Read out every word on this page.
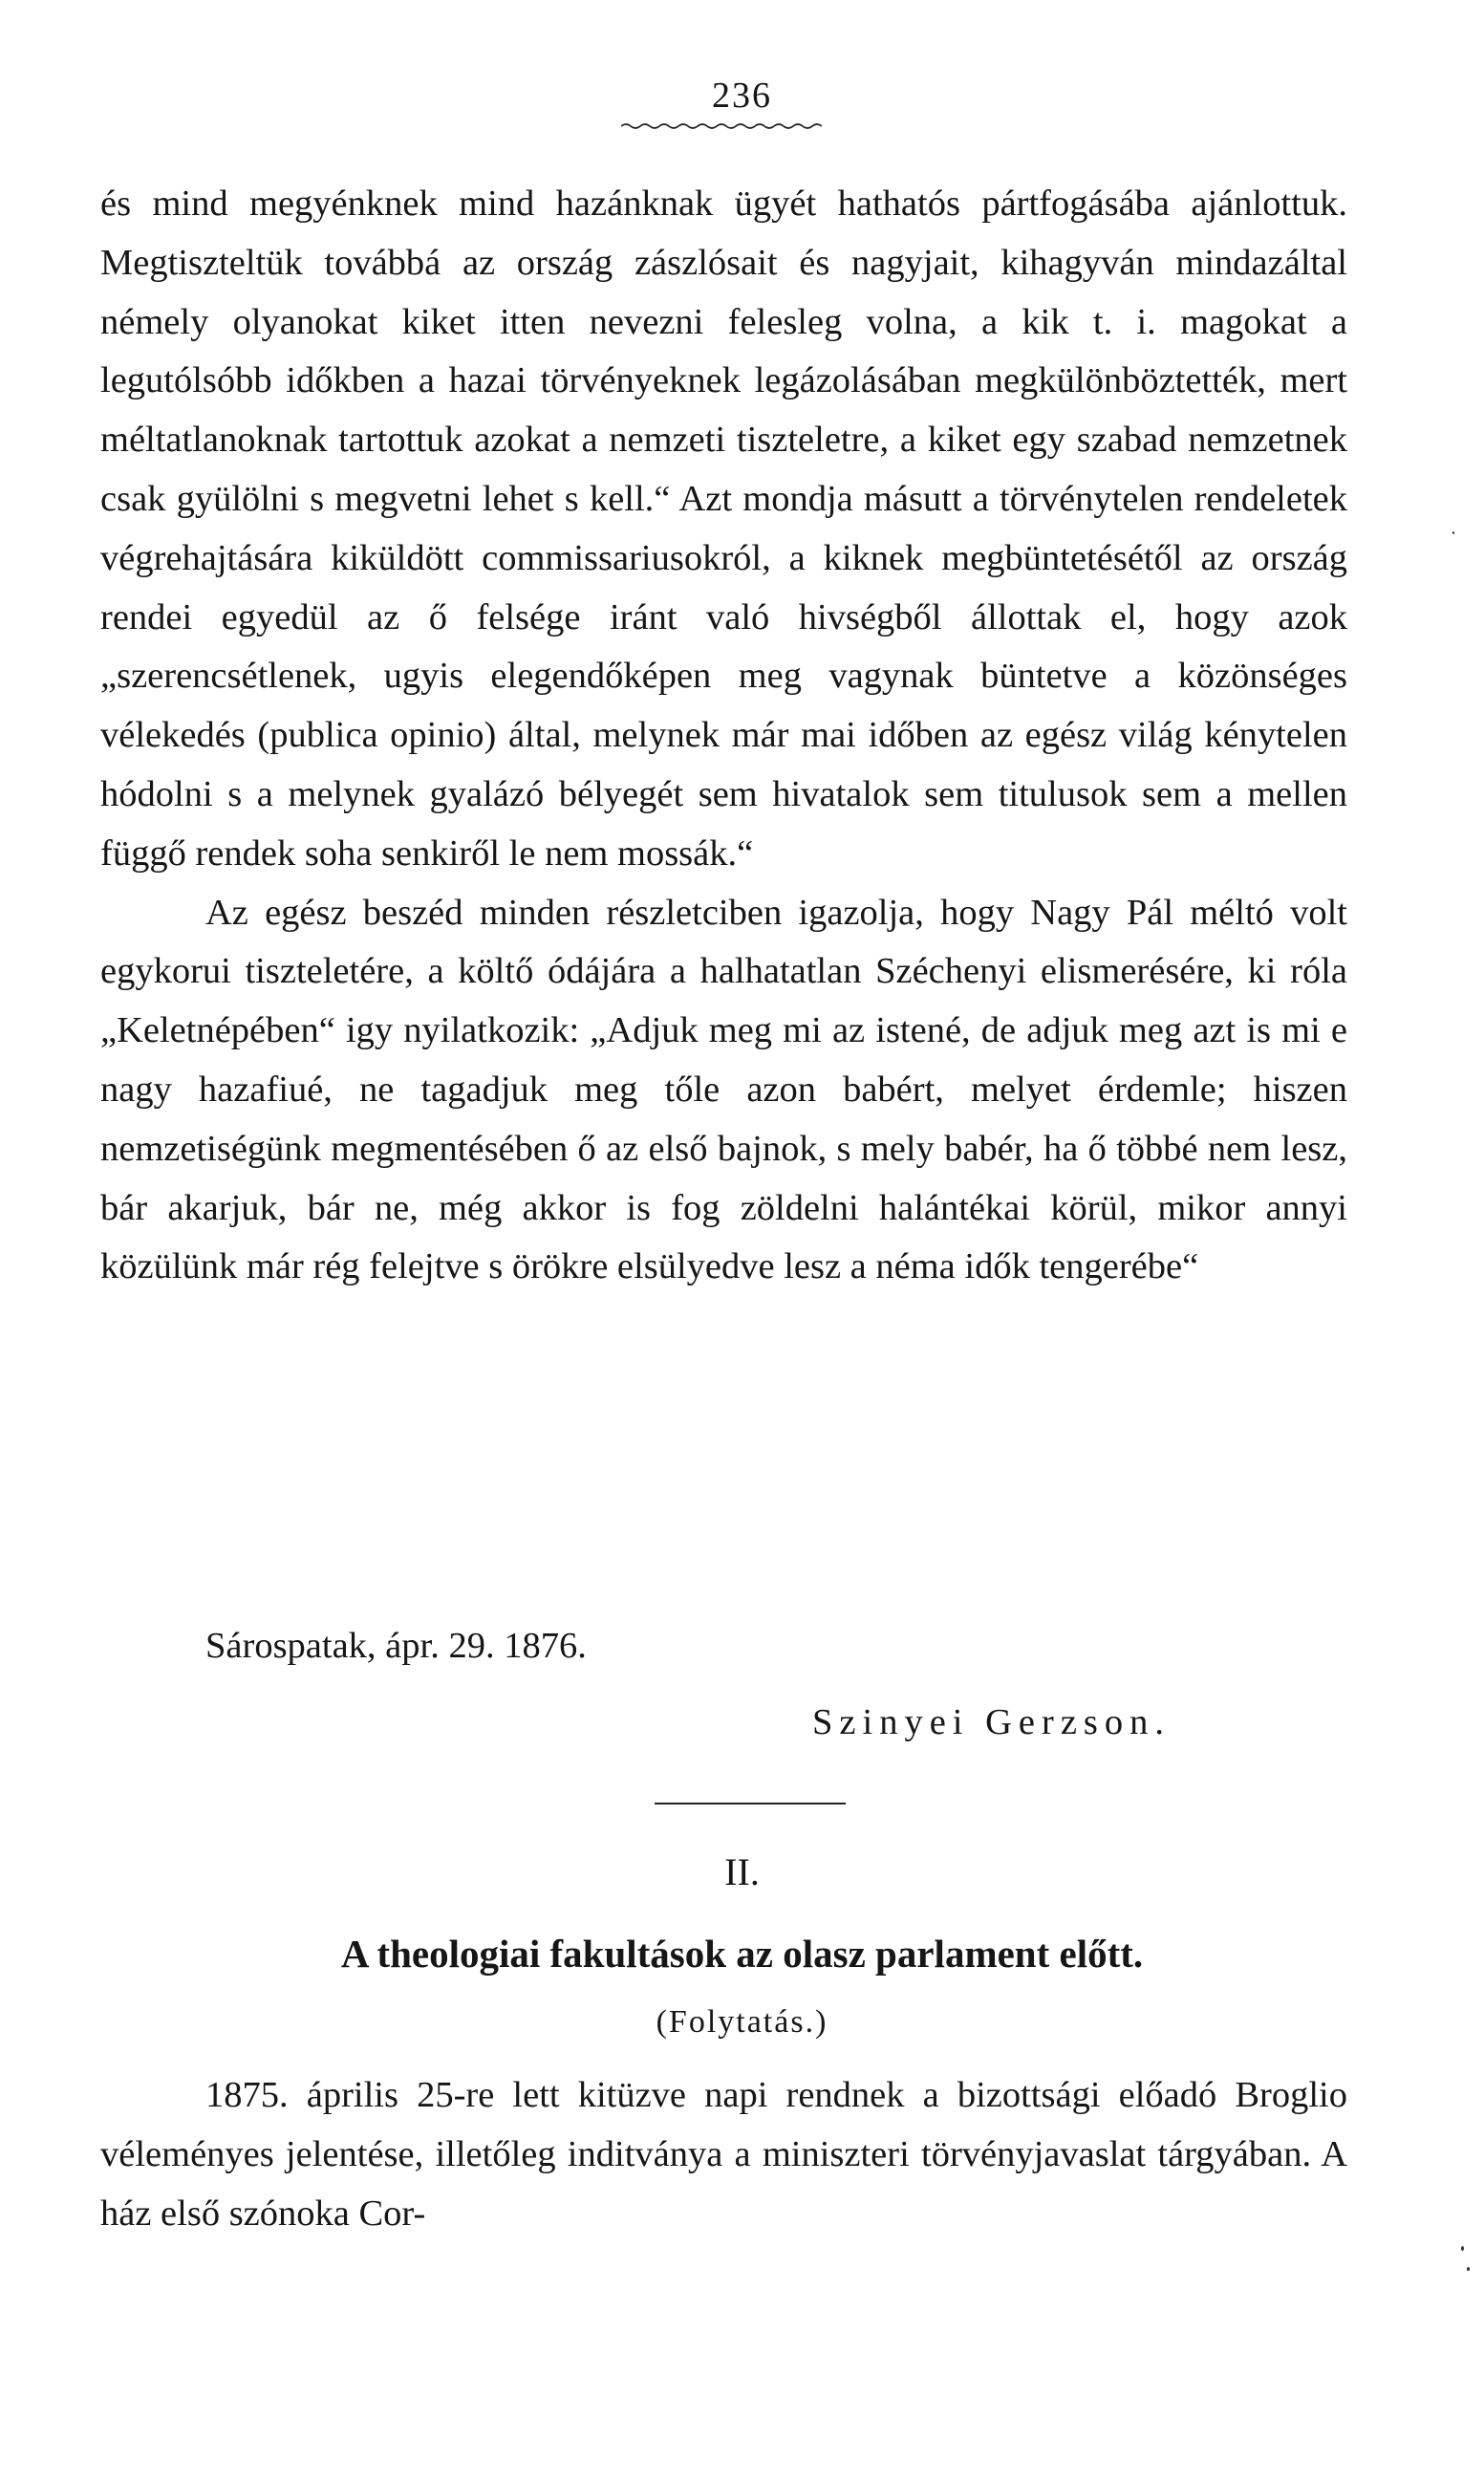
236

és mind megyénknek mind hazánknak ügyét hathatós pártfogásába ajánlottuk. Megtiszteltük továbbá az ország zászlósait és nagyjait, kihagyván mindazáltal némely olyanokat kiket itten nevezni felesleg volna, a kik t. i. magokat a legutólsóbb időkben a hazai törvényeknek legázolásában megkülönböztették, mert méltatlanoknak tartottuk azokat a nemzeti tiszteletre, a kiket egy szabad nemzetnek csak gyülölni s megvetni lehet s kell.“ Azt mondja másutt a törvénytelen rendeletek végrehajtására kiküldött commissariusokról, a kiknek megbüntetésétől az ország rendei egyedül az ő felsége iránt való hivségből állottak el, hogy azok „szerencsétlenek, ugyis elegendőképen meg vagynak büntetve a közönséges vélekedés (publica opinio) által, melynek már mai időben az egész világ kénytelen hódolni s a melynek gyalázó bélyegét sem hivatalok sem titulusok sem a mellen függő rendek soha senkiről le nem mossák.“

Az egész beszéd minden részletciben igazolja, hogy Nagy Pál méltó volt egykorui tiszteletére, a költő ódájára a halhatatlan Széchenyi elismerésére, ki róla „Keletnépében“ igy nyilatkozik: „Adjuk meg mi az istené, de adjuk meg azt is mi e nagy hazafiué, ne tagadjuk meg tőle azon babért, melyet érdemle; hiszen nemzetiségünk megmentésében ő az első bajnok, s mely babér, ha ő többé nem lesz, bár akarjuk, bár ne, még akkor is fog zöldelni halántékai körül, mikor annyi közülünk már rég felejtve s örökre elsülyedve lesz a néma idők tengerébe“

Sárospatak, ápr. 29. 1876.
Szinyei Gerzson.
II.
A theologiai fakultások az olasz parlament előtt.
(Folytatás.)

1875. április 25-re lett kitüzve napi rendnek a bizottsági előadó Broglio véleményes jelentése, illetőleg inditványa a miniszteri törvényjavaslat tárgyában. A ház első szónoka Cor-
